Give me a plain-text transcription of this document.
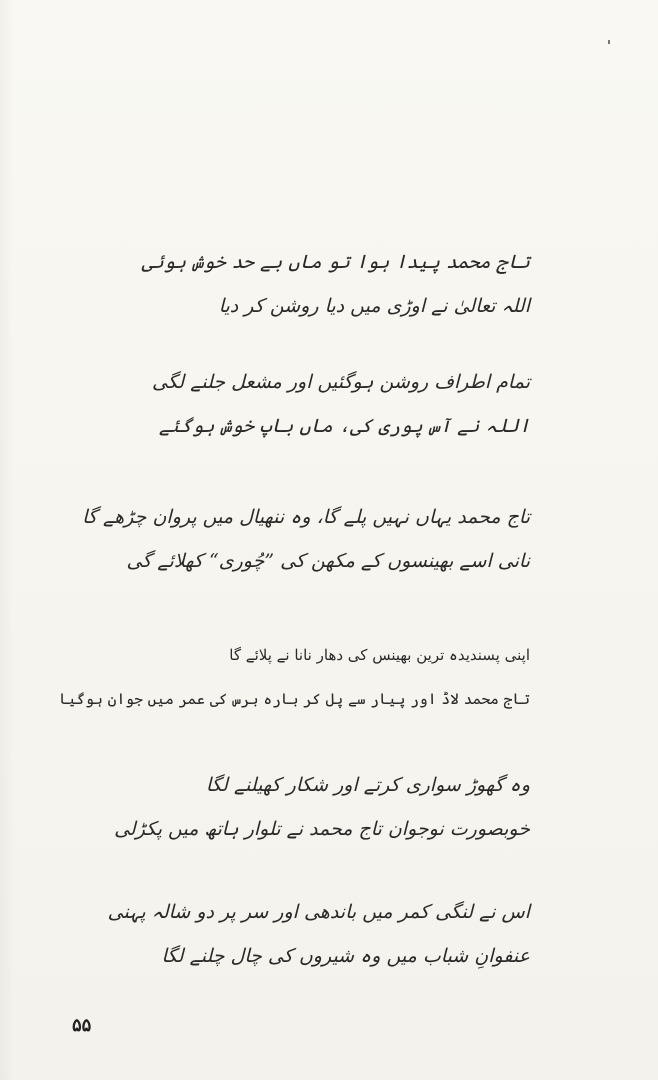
تاج محمد پیدا ہوا تو ماں بے حد خوش ہوئی
اللہ تعالیٰ نے اوڑی میں دیا روشن کر دیا
تمام اطراف روشن ہوگئیں اور مشعل جلنے لگی
اللہ نے آس پوری کی، ماں باپ خوش ہوگئے
تاج محمد یہاں نہیں پلے گا، وہ ننھیال میں پروان چڑھے گا
نانی اسے بھینسوں کے مکھن کی ”چُوری“ کھلائے گی
اپنی پسندیدہ ترین بھینس کی دھار نانا نے پلائے گا
تاج محمد لاڈ اور پیار سے پل کر بارہ برس کی عمر میں جوان ہوگیا
وہ گھوڑ سواری کرتے اور شکار کھیلنے لگا
خوبصورت نوجوان تاج محمد نے تلوار ہاتھ میں پکڑلی
اس نے لنگی کمر میں باندھی اور سر پر دو شالہ پہنی
عنفوانِ شباب میں وہ شیروں کی چال چلنے لگا
۵۵
